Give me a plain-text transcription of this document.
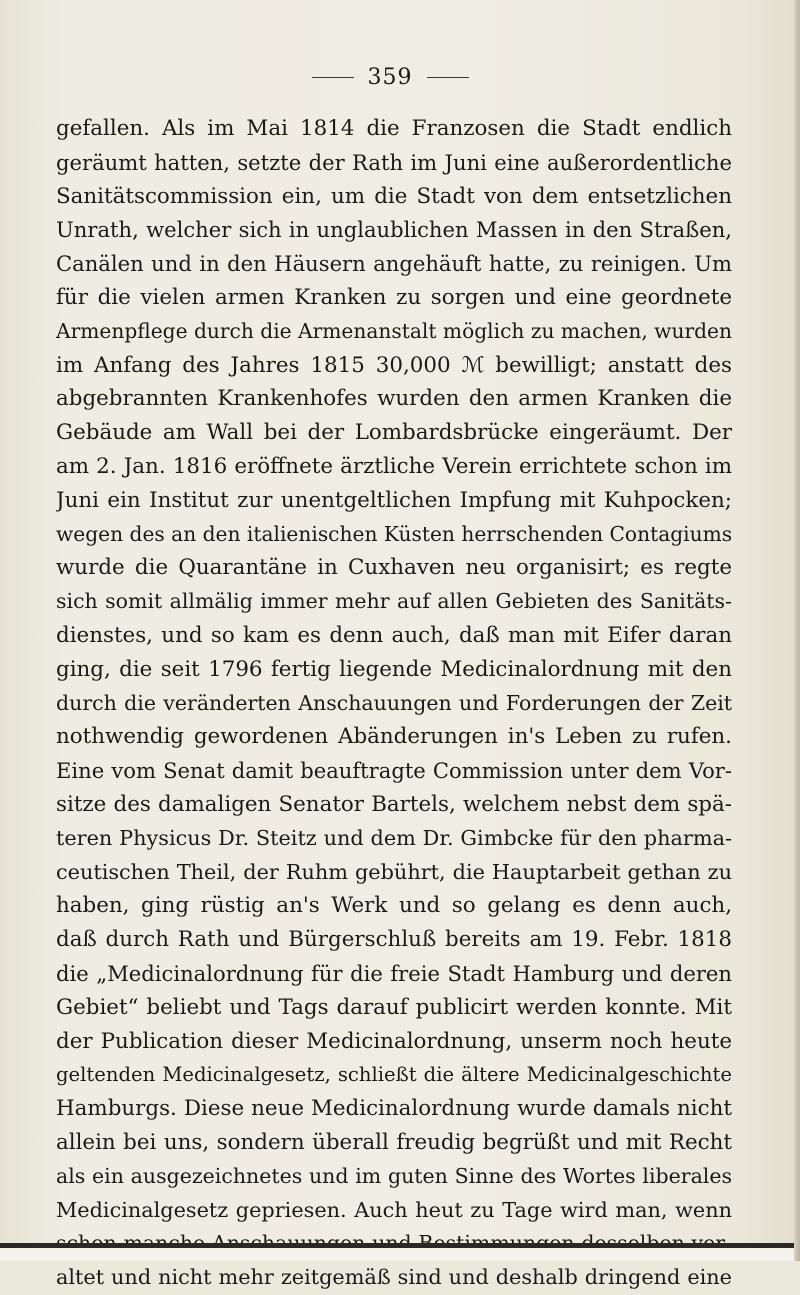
359
gefallen. Als im Mai 1814 die Franzosen die Stadt endlich
geräumt hatten, setzte der Rath im Juni eine außerordentliche
Sanitätscommission ein, um die Stadt von dem entsetzlichen
Unrath, welcher sich in unglaublichen Massen in den Straßen,
Canälen und in den Häusern angehäuft hatte, zu reinigen. Um
für die vielen armen Kranken zu sorgen und eine geordnete
Armenpflege durch die Armenanstalt möglich zu machen, wurden
im Anfang des Jahres 1815 30,000 ℳ bewilligt; anstatt des
abgebrannten Krankenhofes wurden den armen Kranken die
Gebäude am Wall bei der Lombardsbrücke eingeräumt. Der
am 2. Jan. 1816 eröffnete ärztliche Verein errichtete schon im
Juni ein Institut zur unentgeltlichen Impfung mit Kuhpocken;
wegen des an den italienischen Küsten herrschenden Contagiums
wurde die Quarantäne in Cuxhaven neu organisirt; es regte
sich somit allmälig immer mehr auf allen Gebieten des Sanitäts-
dienstes, und so kam es denn auch, daß man mit Eifer daran
ging, die seit 1796 fertig liegende Medicinalordnung mit den
durch die veränderten Anschauungen und Forderungen der Zeit
nothwendig gewordenen Abänderungen in's Leben zu rufen.
Eine vom Senat damit beauftragte Commission unter dem Vor-
sitze des damaligen Senator Bartels, welchem nebst dem spä-
teren Physicus Dr. Steitz und dem Dr. Gimbcke für den pharma-
ceutischen Theil, der Ruhm gebührt, die Hauptarbeit gethan zu
haben, ging rüstig an's Werk und so gelang es denn auch,
daß durch Rath und Bürgerschluß bereits am 19. Febr. 1818
die „Medicinalordnung für die freie Stadt Hamburg und deren
Gebiet“ beliebt und Tags darauf publicirt werden konnte. Mit
der Publication dieser Medicinalordnung, unserm noch heute
geltenden Medicinalgesetz, schließt die ältere Medicinalgeschichte
Hamburgs. Diese neue Medicinalordnung wurde damals nicht
allein bei uns, sondern überall freudig begrüßt und mit Recht
als ein ausgezeichnetes und im guten Sinne des Wortes liberales
Medicinalgesetz gepriesen. Auch heut zu Tage wird man, wenn
altet und nicht mehr zeitgemäß sind und deshalb dringend eine
